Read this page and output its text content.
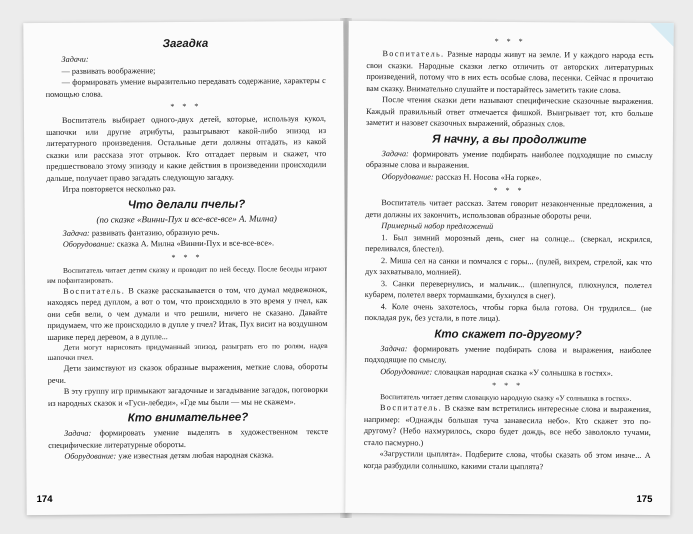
Загадка

Задачи:

— развивать воображение;

— формировать умение выразительно передавать содержание, характеры с помощью слова.

* * *

Воспитатель выбирает одного-двух детей, которые, используя кукол, шапочки или другие атрибуты, разыгрывают какой-либо эпизод из литературного произведения. Остальные дети должны отгадать, из какой сказки или рассказа этот отрывок. Кто отгадает первым и скажет, что предшествовало этому эпизоду и какие действия в произведении происходили дальше, получает право загадать следующую загадку.

Игра повторяется несколько раз.

Что делали пчелы?
(по сказке «Винни-Пух и все-все-все» А. Милна)

Задача: развивать фантазию, образную речь.

Оборудование: сказка А. Милна «Винни-Пух и все-все-все».

* * *

Воспитатель читает детям сказку и проводит по ней беседу. После беседы играют им пофантазировать.

Воспитатель. В сказке рассказывается о том, что думал медвежонок, находясь перед дуплом, а вот о том, что происходило в это время у пчел, как они себя вели, о чем думали и что решили, ничего не сказано. Давайте придумаем, что же происходило в дупле у пчел? Итак, Пух висит на воздушном шарике перед деревом, а в дупле...

Дети могут нарисовать придуманный эпизод, разыграть его по ролям, надев шапочки пчел.

Дети заимствуют из сказок образные выражения, меткие слова, обороты речи.

В эту группу игр примыкают загадочные и загадывание загадок, поговорки из народных сказок и «Гуси-лебеди», «Где мы были — мы не скажем».

Кто внимательнее?

Задача: формировать умение выделять в художественном тексте специфические литературные обороты.

Оборудование: уже известная детям любая народная сказка.

174
* * *

Воспитатель. Разные народы живут на земле. И у каждого народа есть свои сказки. Народные сказки легко отличить от авторских литературных произведений, потому что в них есть особые слова, песенки. Сейчас я прочитаю вам сказку. Внимательно слушайте и постарайтесь заметить такие слова.

После чтения сказки дети называют специфические сказочные выражения. Каждый правильный ответ отмечается фишкой. Выигрывает тот, кто больше заметит и назовет сказочных выражений, образных слов.

Я начну, а вы продолжите

Задача: формировать умение подбирать наиболее подходящие по смыслу образные слова и выражения.

Оборудование: рассказ Н. Носова «На горке».

* * *

Воспитатель читает рассказ. Затем говорит незаконченные предложения, а дети должны их закончить, использовав образные обороты речи.

Примерный набор предложений

1. Был зимний морозный день, снег на солнце... (сверкал, искрился, переливался, блестел).

2. Миша сел на санки и помчался с горы... (пулей, вихрем, стрелой, как что дух захватывало, молнией).

3. Санки перевернулись, и мальчик... (шлепнулся, плюхнулся, полетел кубарем, полетел вверх тормашками, бухнулся в снег).

4. Коле очень захотелось, чтобы горка была готова. Он трудился... (не покладая рук, без устали, в поте лица).

Кто скажет по-другому?

Задача: формировать умение подбирать слова и выражения, наиболее подходящие по смыслу.

Оборудование: словацкая народная сказка «У солнышка в гостях».

* * *

Воспитатель читает детям словацкую народную сказку «У солнышка в гостях».

Воспитатель. В сказке вам встретились интересные слова и выражения, например: «Однажды большая туча занавесила небо». Кто скажет это по-другому? (Небо нахмурилось, скоро будет дождь, все небо заволокло тучами, стало пасмурно.)

«Загрустили цыплята». Подберите слова, чтобы сказать об этом иначе... А когда разбудили солнышко, какими стали цыплята?

175
